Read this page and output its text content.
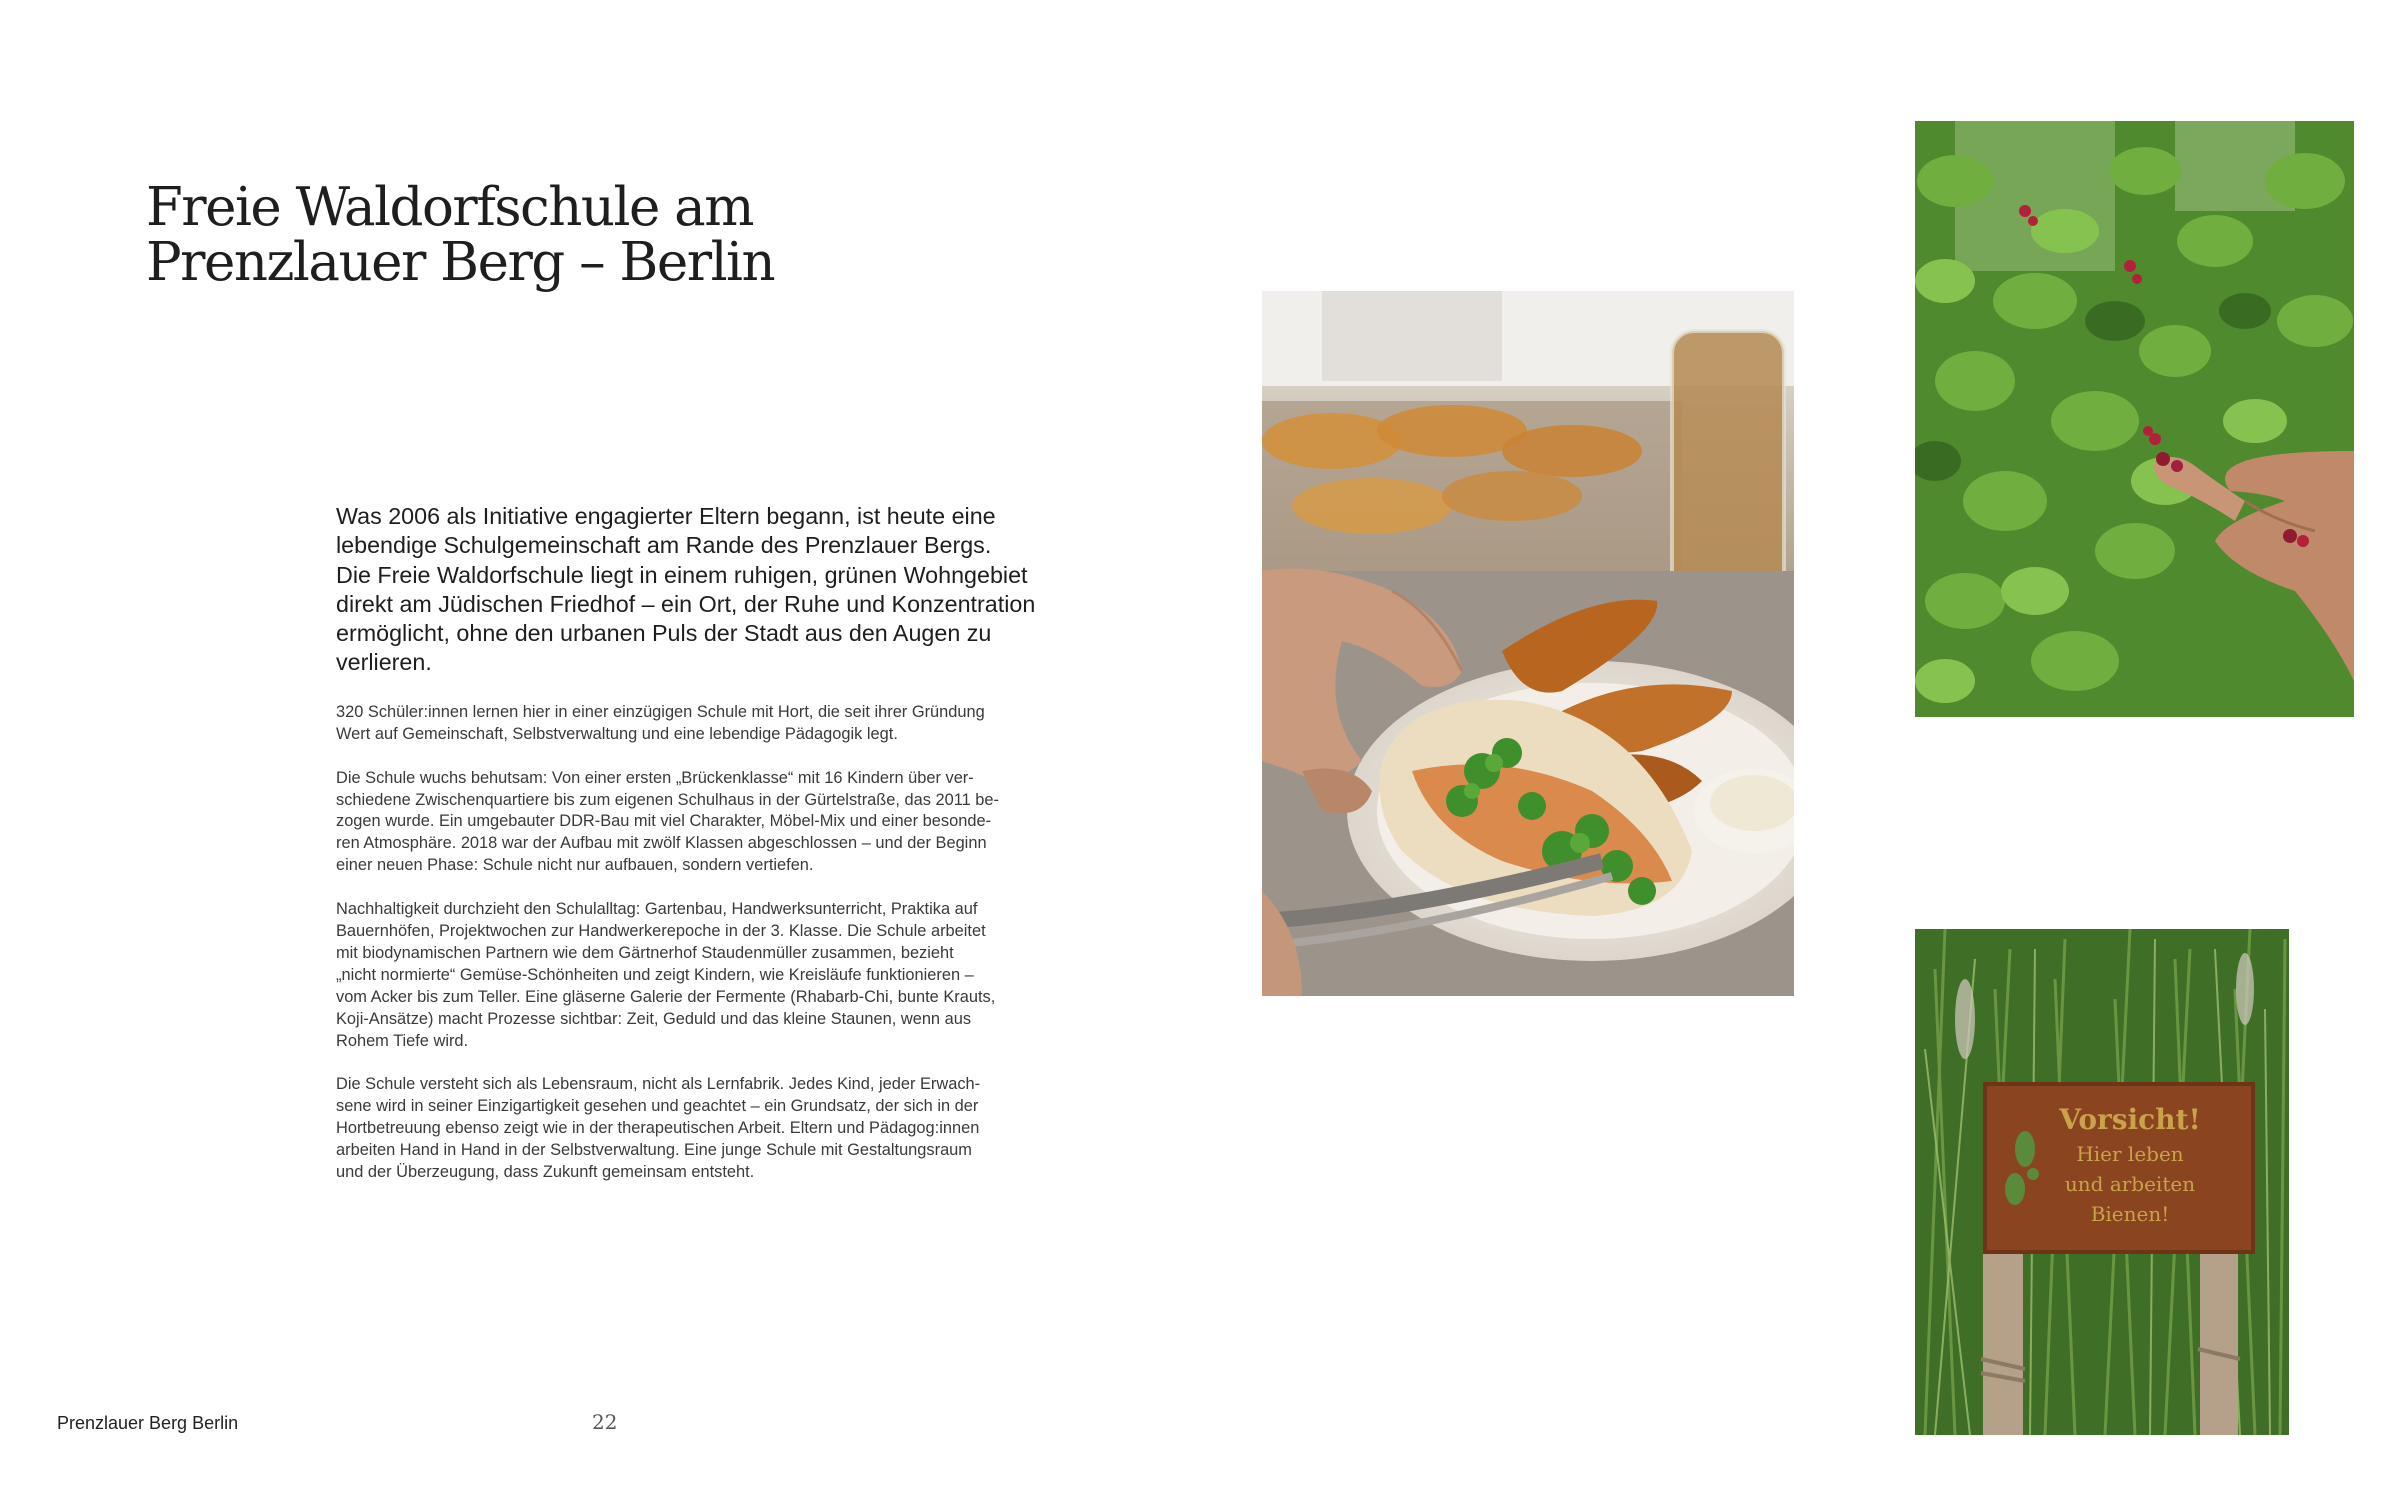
Freie Waldorfschule am
Prenzlauer Berg – Berlin

Was 2006 als Initiative engagierter Eltern begann, ist heute eine
lebendige Schulgemeinschaft am Rande des Prenzlauer Bergs.
Die Freie Waldorfschule liegt in einem ruhigen, grünen Wohngebiet
direkt am Jüdischen Friedhof – ein Ort, der Ruhe und Konzentration
ermöglicht, ohne den urbanen Puls der Stadt aus den Augen zu
verlieren.

320 Schüler:innen lernen hier in einer einzügigen Schule mit Hort, die seit ihrer Gründung
Wert auf Gemeinschaft, Selbstverwaltung und eine lebendige Pädagogik legt.

Die Schule wuchs behutsam: Von einer ersten „Brückenklasse“ mit 16 Kindern über ver-
schiedene Zwischenquartiere bis zum eigenen Schulhaus in der Gürtelstraße, das 2011 be-
zogen wurde. Ein umgebauter DDR-Bau mit viel Charakter, Möbel-Mix und einer besonde-
ren Atmosphäre. 2018 war der Aufbau mit zwölf Klassen abgeschlossen – und der Beginn
einer neuen Phase: Schule nicht nur aufbauen, sondern vertiefen.

Nachhaltigkeit durchzieht den Schulalltag: Gartenbau, Handwerksunterricht, Praktika auf
Bauernhöfen, Projektwochen zur Handwerkerepoche in der 3. Klasse. Die Schule arbeitet
mit biodynamischen Partnern wie dem Gärtnerhof Staudenmüller zusammen, bezieht
„nicht normierte“ Gemüse-Schönheiten und zeigt Kindern, wie Kreisläufe funktionieren –
vom Acker bis zum Teller. Eine gläserne Galerie der Fermente (Rhabarb-Chi, bunte Krauts,
Koji-Ansätze) macht Prozesse sichtbar: Zeit, Geduld und das kleine Staunen, wenn aus
Rohem Tiefe wird.

Die Schule versteht sich als Lebensraum, nicht als Lernfabrik. Jedes Kind, jeder Erwach-
sene wird in seiner Einzigartigkeit gesehen und geachtet – ein Grundsatz, der sich in der
Hortbetreuung ebenso zeigt wie in der therapeutischen Arbeit. Eltern und Pädagog:innen
arbeiten Hand in Hand in der Selbstverwaltung. Eine junge Schule mit Gestaltungsraum
und der Überzeugung, dass Zukunft gemeinsam entsteht.

Vorsicht!
Hier leben
und arbeiten
Bienen!
Prenzlauer Berg Berlin	22
